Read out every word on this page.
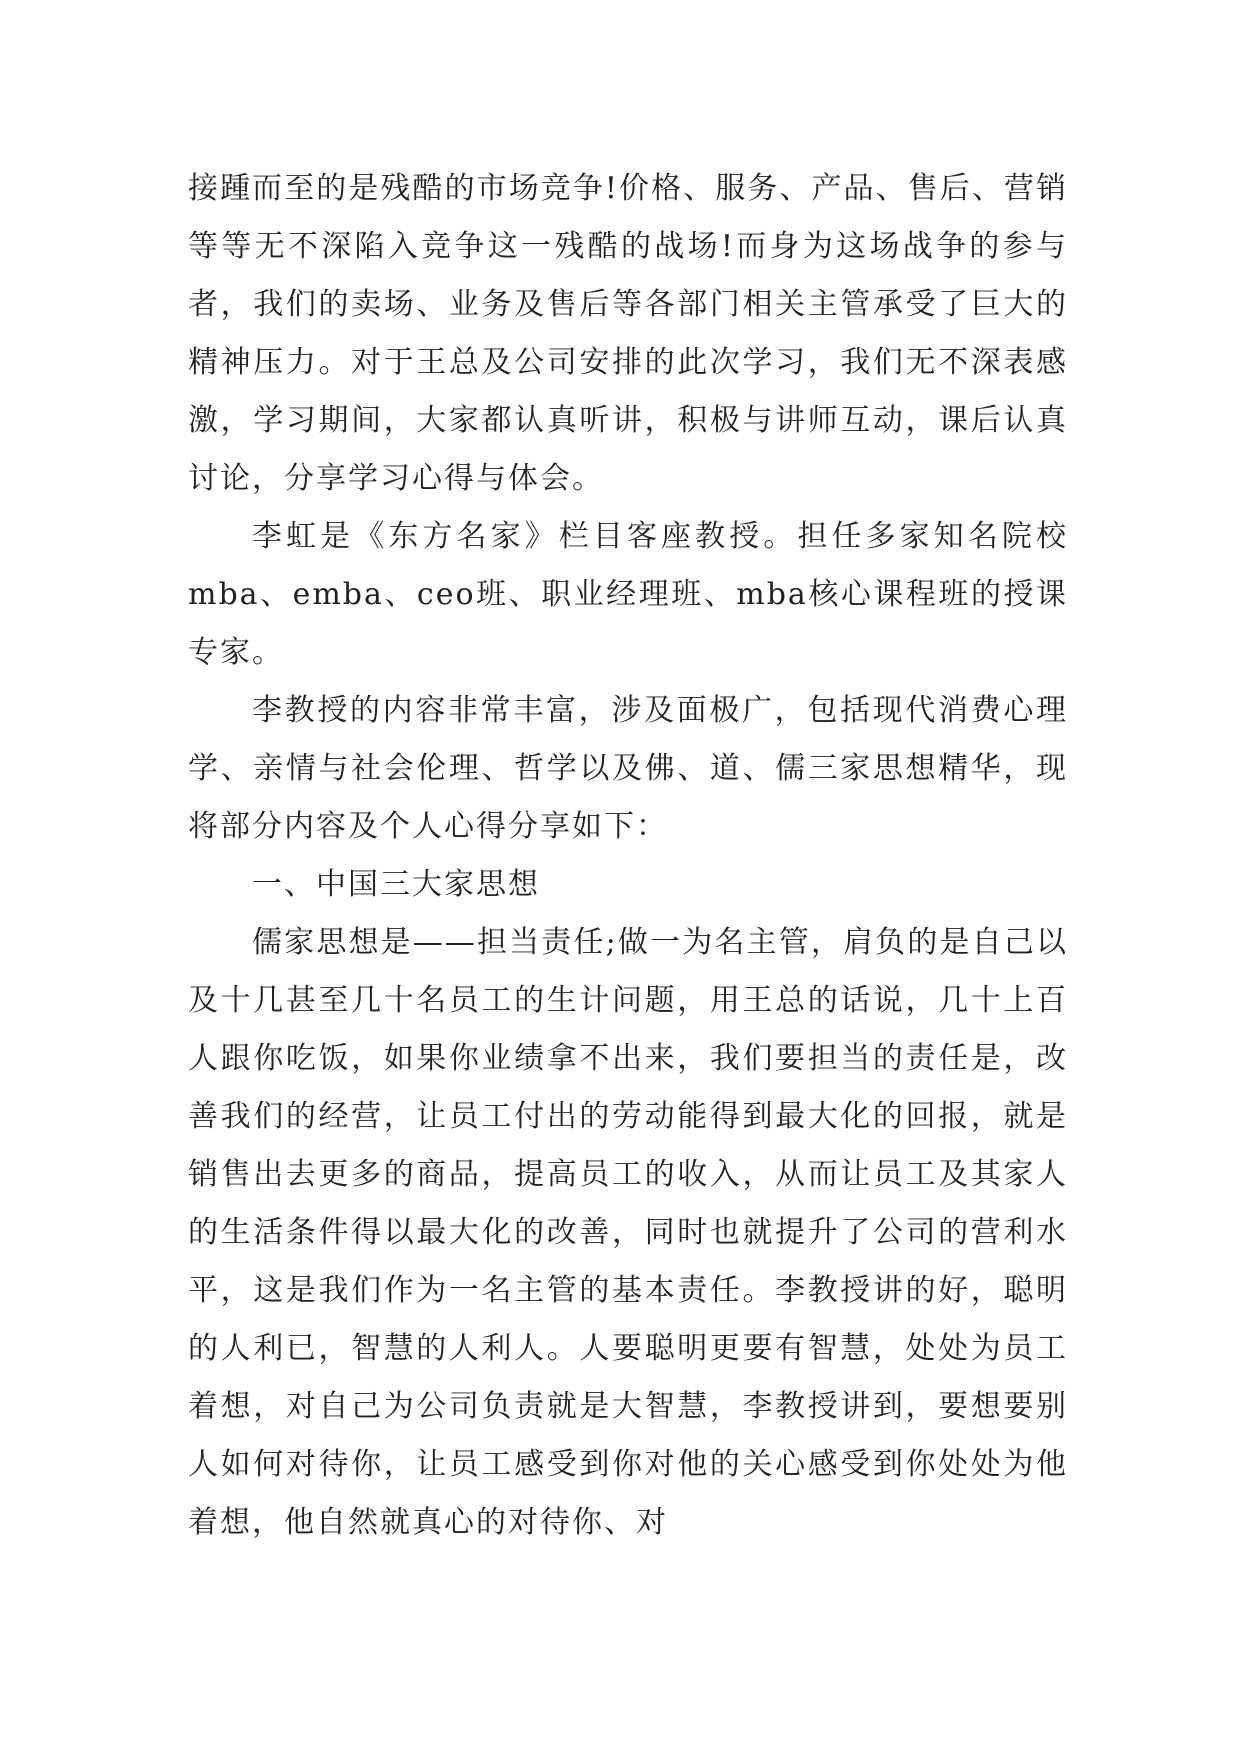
接踵而至的是残酷的市场竞争!价格、服务、产品、售后、营销等等无不深陷入竞争这一残酷的战场!而身为这场战争的参与者，我们的卖场、业务及售后等各部门相关主管承受了巨大的精神压力。对于王总及公司安排的此次学习，我们无不深表感激，学习期间，大家都认真听讲，积极与讲师互动，课后认真讨论，分享学习心得与体会。

李虹是《东方名家》栏目客座教授。担任多家知名院校mba、emba、ceo班、职业经理班、mba核心课程班的授课专家。

李教授的内容非常丰富，涉及面极广，包括现代消费心理学、亲情与社会伦理、哲学以及佛、道、儒三家思想精华，现将部分内容及个人心得分享如下：

一、中国三大家思想

儒家思想是——担当责任;做一为名主管，肩负的是自己以及十几甚至几十名员工的生计问题，用王总的话说，几十上百人跟你吃饭，如果你业绩拿不出来，我们要担当的责任是，改善我们的经营，让员工付出的劳动能得到最大化的回报，就是销售出去更多的商品，提高员工的收入，从而让员工及其家人的生活条件得以最大化的改善，同时也就提升了公司的营利水平，这是我们作为一名主管的基本责任。李教授讲的好，聪明的人利已，智慧的人利人。人要聪明更要有智慧，处处为员工着想，对自己为公司负责就是大智慧，李教授讲到，要想要别人如何对待你，让员工感受到你对他的关心感受到你处处为他着想，他自然就真心的对待你、对
